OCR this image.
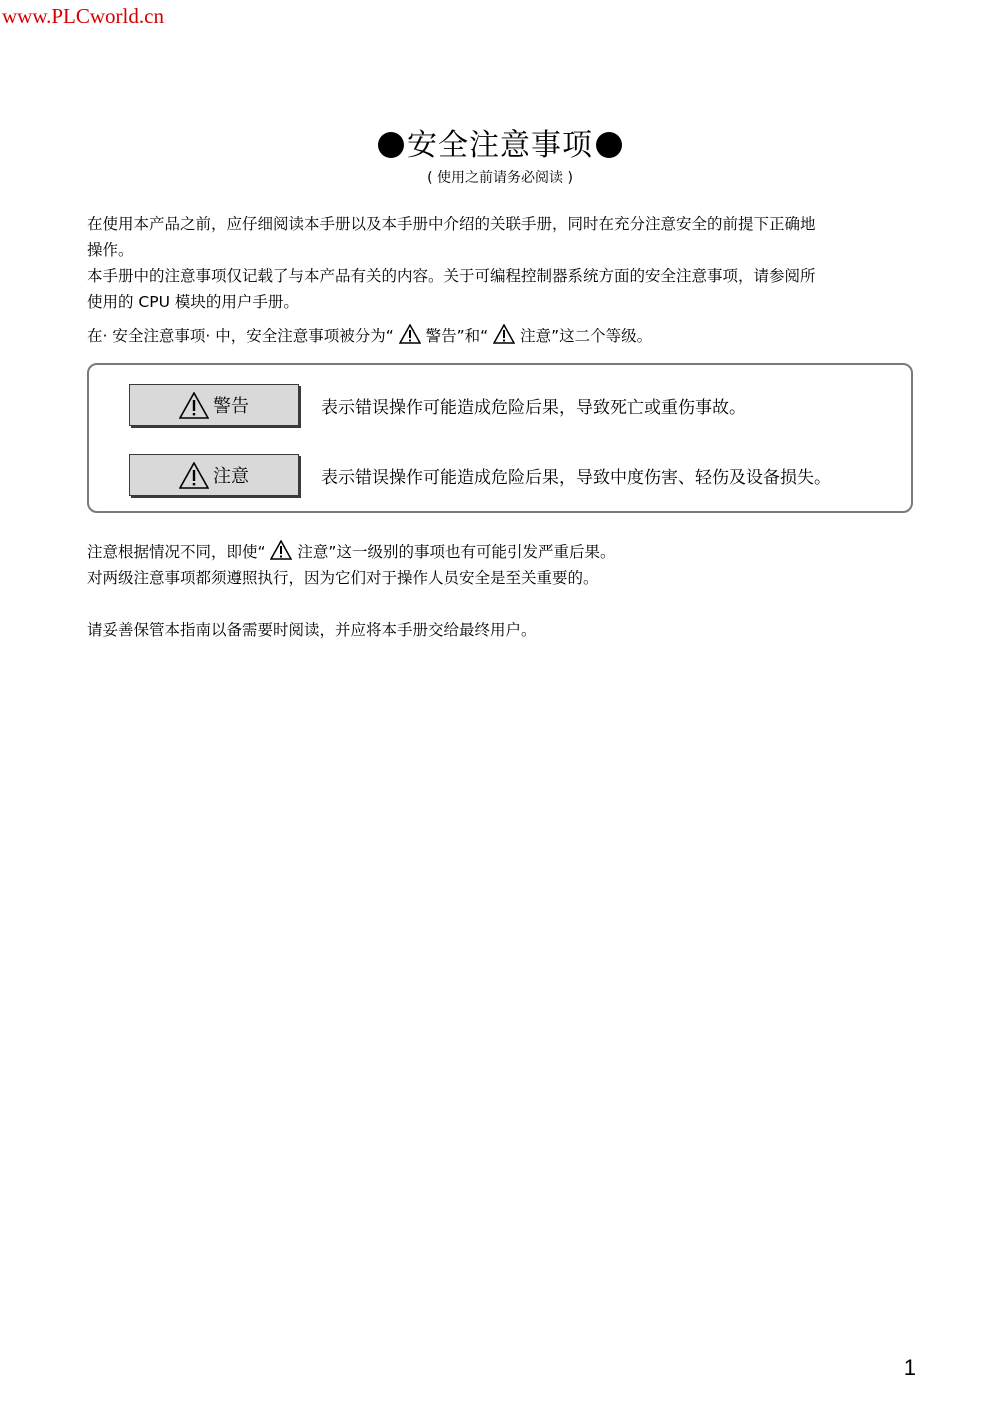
www.PLCworld.cn
安全注意事项
( 使用之前请务必阅读 )

在使用本产品之前，应仔细阅读本手册以及本手册中介绍的关联手册，同时在充分注意安全的前提下正确地
操作。
本手册中的注意事项仅记载了与本产品有关的内容。关于可编程控制器系统方面的安全注意事项，请参阅所
使用的 CPU 模块的用户手册。

在· 安全注意事项· 中，安全注意事项被分为“ 警告”和“ 注意”这二个等级。

警告	表示错误操作可能造成危险后果，导致死亡或重伤事故。
注意	表示错误操作可能造成危险后果，导致中度伤害、轻伤及设备损失。

注意根据情况不同，即使“ 注意”这一级别的事项也有可能引发严重后果。
对两级注意事项都须遵照执行，因为它们对于操作人员安全是至关重要的。

请妥善保管本指南以备需要时阅读，并应将本手册交给最终用户。

1
